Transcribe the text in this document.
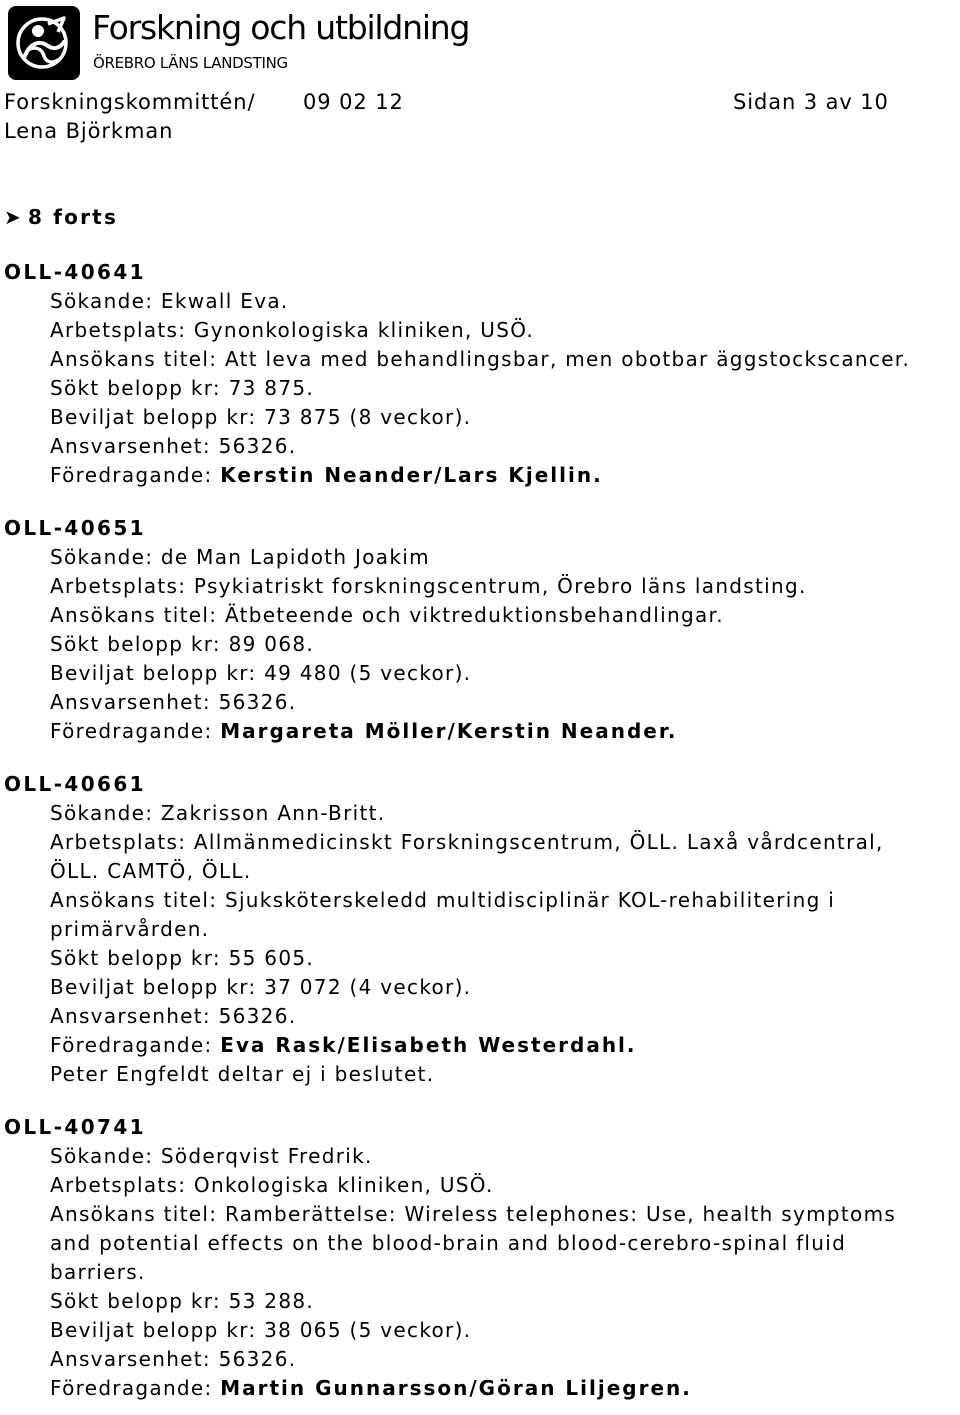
Forskning och utbildning
ÖREBRO LÄNS LANDSTING
Forskningskommittén/ 09 02 12	Sidan 3 av 10
Lena Björkman
➤ 8 forts
OLL-40641
Sökande: Ekwall Eva.
Arbetsplats: Gynonkologiska kliniken, USÖ.
Ansökans titel: Att leva med behandlingsbar, men obotbar äggstockscancer.
Sökt belopp kr: 73 875.
Beviljat belopp kr: 73 875 (8 veckor).
Ansvarsenhet: 56326.
Föredragande: Kerstin Neander/Lars Kjellin.
OLL-40651
Sökande: de Man Lapidoth Joakim
Arbetsplats: Psykiatriskt forskningscentrum, Örebro läns landsting.
Ansökans titel: Ätbeteende och viktreduktionsbehandlingar.
Sökt belopp kr: 89 068.
Beviljat belopp kr: 49 480 (5 veckor).
Ansvarsenhet: 56326.
Föredragande: Margareta Möller/Kerstin Neander.
OLL-40661
Sökande: Zakrisson Ann-Britt.
Arbetsplats: Allmänmedicinskt Forskningscentrum, ÖLL. Laxå vårdcentral, ÖLL. CAMTÖ, ÖLL.
Ansökans titel: Sjuksköterskeledd multidisciplinär KOL-rehabilitering i primärvården.
Sökt belopp kr: 55 605.
Beviljat belopp kr: 37 072 (4 veckor).
Ansvarsenhet: 56326.
Föredragande: Eva Rask/Elisabeth Westerdahl.
Peter Engfeldt deltar ej i beslutet.
OLL-40741
Sökande: Söderqvist Fredrik.
Arbetsplats: Onkologiska kliniken, USÖ.
Ansökans titel: Ramberättelse: Wireless telephones: Use, health symptoms and potential effects on the blood-brain and blood-cerebro-spinal fluid barriers.
Sökt belopp kr: 53 288.
Beviljat belopp kr: 38 065 (5 veckor).
Ansvarsenhet: 56326.
Föredragande: Martin Gunnarsson/Göran Liljegren.
